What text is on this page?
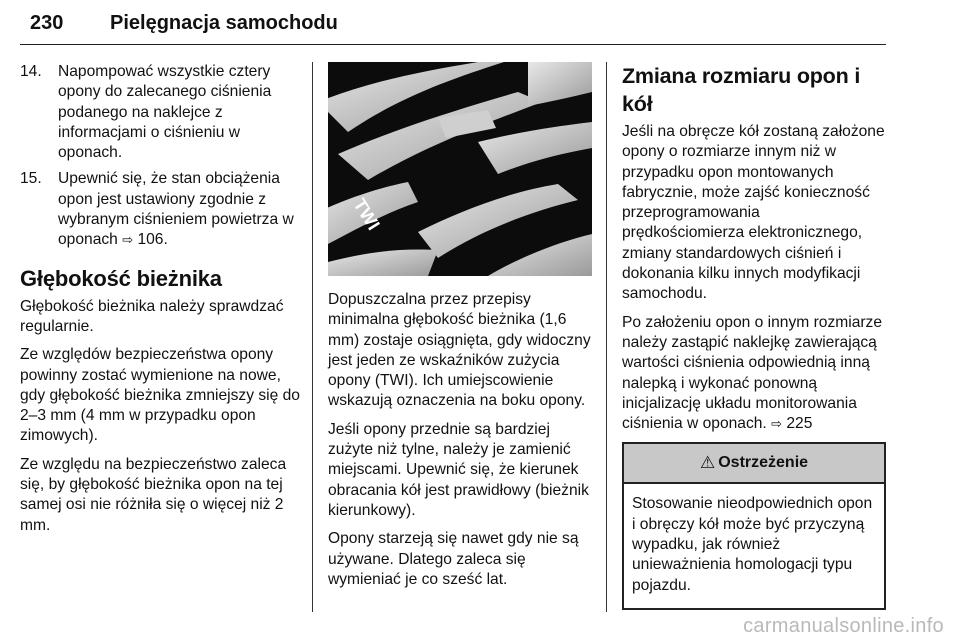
230 Pielęgnacja samochodu
14.	Napompować wszystkie cztery opony do zalecanego ciśnienia podanego na naklejce z informacjami o ciśnieniu w oponach.
15.	Upewnić się, że stan obciążenia opon jest ustawiony zgodnie z wybranym ciśnieniem powietrza w oponach ⇨ 106.
Głębokość bieżnika

Głębokość bieżnika należy sprawdzać regularnie.

Ze względów bezpieczeństwa opony powinny zostać wymienione na nowe, gdy głębokość bieżnika zmniejszy się do 2–3 mm (4 mm w przypadku opon zimowych).

Ze względu na bezpieczeństwo zaleca się, by głębokość bieżnika opon na tej samej osi nie różniła się o więcej niż 2 mm.

TWI

Dopuszczalna przez przepisy minimalna głębokość bieżnika (1,6 mm) zostaje osiągnięta, gdy widoczny jest jeden ze wskaźników zużycia opony (TWI). Ich umiejscowienie wskazują oznaczenia na boku opony.

Jeśli opony przednie są bardziej zużyte niż tylne, należy je zamienić miejscami. Upewnić się, że kierunek obracania kół jest prawidłowy (bieżnik kierunkowy).

Opony starzeją się nawet gdy nie są używane. Dlatego zaleca się wymieniać je co sześć lat.

Zmiana rozmiaru opon i kół

Jeśli na obręcze kół zostaną założone opony o rozmiarze innym niż w przypadku opon montowanych fabrycznie, może zajść konieczność przeprogramowania prędkościomierza elektronicznego, zmiany standardowych ciśnień i dokonania kilku innych modyfikacji samochodu.

Po założeniu opon o innym rozmiarze należy zastąpić naklejkę zawierającą wartości ciśnienia odpowiednią inną nalepką i wykonać ponowną inicjalizację układu monitorowania ciśnienia w oponach. ⇨ 225

⚠ Ostrzeżenie
Stosowanie nieodpowiednich opon i obręczy kół może być przyczyną wypadku, jak również unieważnienia homologacji typu pojazdu.
carmanualsonline.info
